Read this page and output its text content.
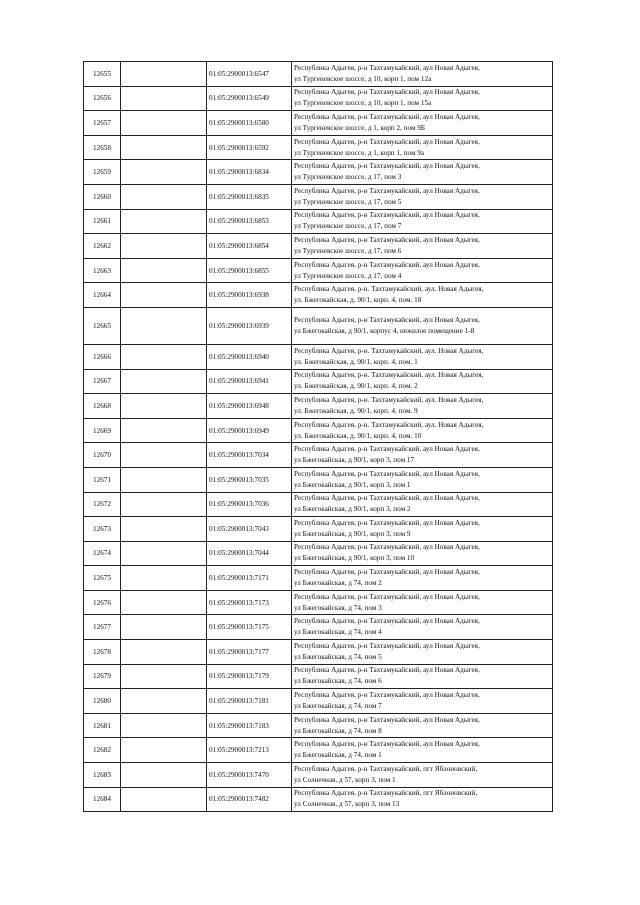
12655		01:05:2900013:6547	Республика Адыгея, р-н Тахтамукайский, аул Новая Адыгея,
ул Тургеневское шоссе, д 10, корп 1, пом 12а
12656		01:05:2900013:6549	Республика Адыгея, р-н Тахтамукайский, аул Новая Адыгея,
ул Тургеневское шоссе, д 10, корп 1, пом 15а
12657		01:05:2900013:6580	Республика Адыгея, р-н Тахтамукайский, аул Новая Адыгея,
ул Тургеневское шоссе, д 1, корп 2, пом 9Б
12658		01:05:2900013:6592	Республика Адыгея, р-н Тахтамукайский, аул Новая Адыгея,
ул Тургеневское шоссе, д 1, корп 1, пом 9а
12659		01:05:2900013:6834	Республика Адыгея, р-н Тахтамукайский, аул Новая Адыгея,
ул Тургеневское шоссе, д 17, пом 3
12660		01:05:2900013:6835	Республика Адыгея, р-н Тахтамукайский, аул Новая Адыгея,
ул Тургеневское шоссе, д 17, пом 5
12661		01:05:2900013:6853	Республика Адыгея, р-н Тахтамукайский, аул Новая Адыгея,
ул Тургеневское шоссе, д 17, пом 7
12662		01:05:2900013:6854	Республика Адыгея, р-н Тахтамукайский, аул Новая Адыгея,
ул Тургеневское шоссе, д 17, пом 6
12663		01:05:2900013:6855	Республика Адыгея, р-н Тахтамукайский, аул Новая Адыгея,
ул Тургеневское шоссе, д 17, пом 4
12664		01:05:2900013:6938	Республика Адыгея, р-н. Тахтамукайский, аул. Новая Адыгея,
ул. Бжегокайская, д. 90/1, корп. 4, пом. 18
12665		01:05:2900013:6939	Республика Адыгея, р-н Тахтамукайский, аул Новая Адыгея,
ул Бжегокайская, д 90/1, корпус 4, нежилое помещение 1-8
12666		01:05:2900013:6940	Республика Адыгея, р-н. Тахтамукайский, аул. Новая Адыгея,
ул. Бжегокайская, д. 90/1, корп. 4, пом. 1
12667		01:05:2900013:6941	Республика Адыгея, р-н. Тахтамукайский, аул. Новая Адыгея,
ул. Бжегокайская, д. 90/1, корп. 4, пом. 2
12668		01:05:2900013:6948	Республика Адыгея, р-н. Тахтамукайский, аул. Новая Адыгея,
ул. Бжегокайская, д. 90/1, корп. 4, пом. 9
12669		01:05:2900013:6949	Республика Адыгея, р-н. Тахтамукайский, аул. Новая Адыгея,
ул. Бжегокайская, д. 90/1, корп. 4, пом. 10
12670		01:05:2900013:7034	Республика Адыгея, р-н Тахтамукайский, аул Новая Адыгея,
ул Бжегокайская, д 90/1, корп 3, пом 17
12671		01:05:2900013:7035	Республика Адыгея, р-н Тахтамукайский, аул Новая Адыгея,
ул Бжегокайская, д 90/1, корп 3, пом 1
12672		01:05:2900013:7036	Республика Адыгея, р-н Тахтамукайский, аул Новая Адыгея,
ул Бжегокайская, д 90/1, корп 3, пом 2
12673		01:05:2900013:7043	Республика Адыгея, р-н Тахтамукайский, аул Новая Адыгея,
ул Бжегокайская, д 90/1, корп 3, пом 9
12674		01:05:2900013:7044	Республика Адыгея, р-н Тахтамукайский, аул Новая Адыгея,
ул Бжегокайская, д 90/1, корп 3, пом 10
12675		01:05:2900013:7171	Республика Адыгея, р-н Тахтамукайский, аул Новая Адыгея,
ул Бжегокайская, д 74, пом 2
12676		01:05:2900013:7173	Республика Адыгея, р-н Тахтамукайский, аул Новая Адыгея,
ул Бжегокайская, д 74, пом 3
12677		01:05:2900013:7175	Республика Адыгея, р-н Тахтамукайский, аул Новая Адыгея,
ул Бжегокайская, д 74, пом 4
12678		01:05:2900013:7177	Республика Адыгея, р-н Тахтамукайский, аул Новая Адыгея,
ул Бжегокайская, д 74, пом 5
12679		01:05:2900013:7179	Республика Адыгея, р-н Тахтамукайский, аул Новая Адыгея,
ул Бжегокайская, д 74, пом 6
12680		01:05:2900013:7181	Республика Адыгея, р-н Тахтамукайский, аул Новая Адыгея,
ул Бжегокайская, д 74, пом 7
12681		01:05:2900013:7183	Республика Адыгея, р-н Тахтамукайский, аул Новая Адыгея,
ул Бжегокайская, д 74, пом 8
12682		01:05:2900013:7213	Республика Адыгея, р-н Тахтамукайский, аул Новая Адыгея,
ул Бжегокайская, д 74, пом 1
12683		01:05:2900013:7470	Республика Адыгея, р-н Тахтамукайский, пгт Яблоновский,
ул Солнечная, д 57, корп 3, пом 1
12684		01:05:2900013:7482	Республика Адыгея, р-н Тахтамукайский, пгт Яблоновский,
ул Солнечная, д 57, корп 3, пом 13
